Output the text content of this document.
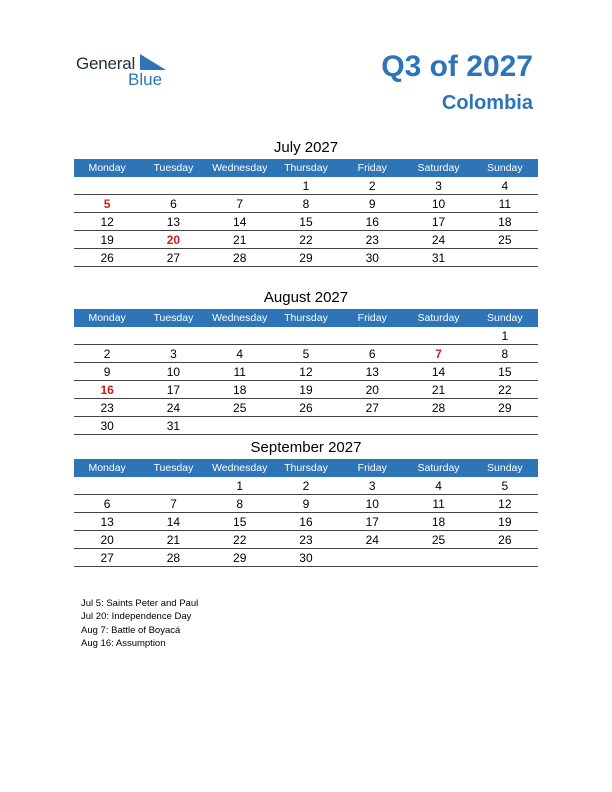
General
Blue	Q3 of 2027
Colombia
July 2027
Monday	Tuesday	Wednesday	Thursday	Friday	Saturday	Sunday
			1	2	3	4
5	6	7	8	9	10	11
12	13	14	15	16	17	18
19	20	21	22	23	24	25
26	27	28	29	30	31	
August 2027
Monday	Tuesday	Wednesday	Thursday	Friday	Saturday	Sunday
						1
2	3	4	5	6	7	8
9	10	11	12	13	14	15
16	17	18	19	20	21	22
23	24	25	26	27	28	29
30	31					
September 2027
Monday	Tuesday	Wednesday	Thursday	Friday	Saturday	Sunday
		1	2	3	4	5
6	7	8	9	10	11	12
13	14	15	16	17	18	19
20	21	22	23	24	25	26
27	28	29	30			
Jul 5: Saints Peter and Paul
Jul 20: Independence Day
Aug 7: Battle of Boyacá
Aug 16: Assumption
